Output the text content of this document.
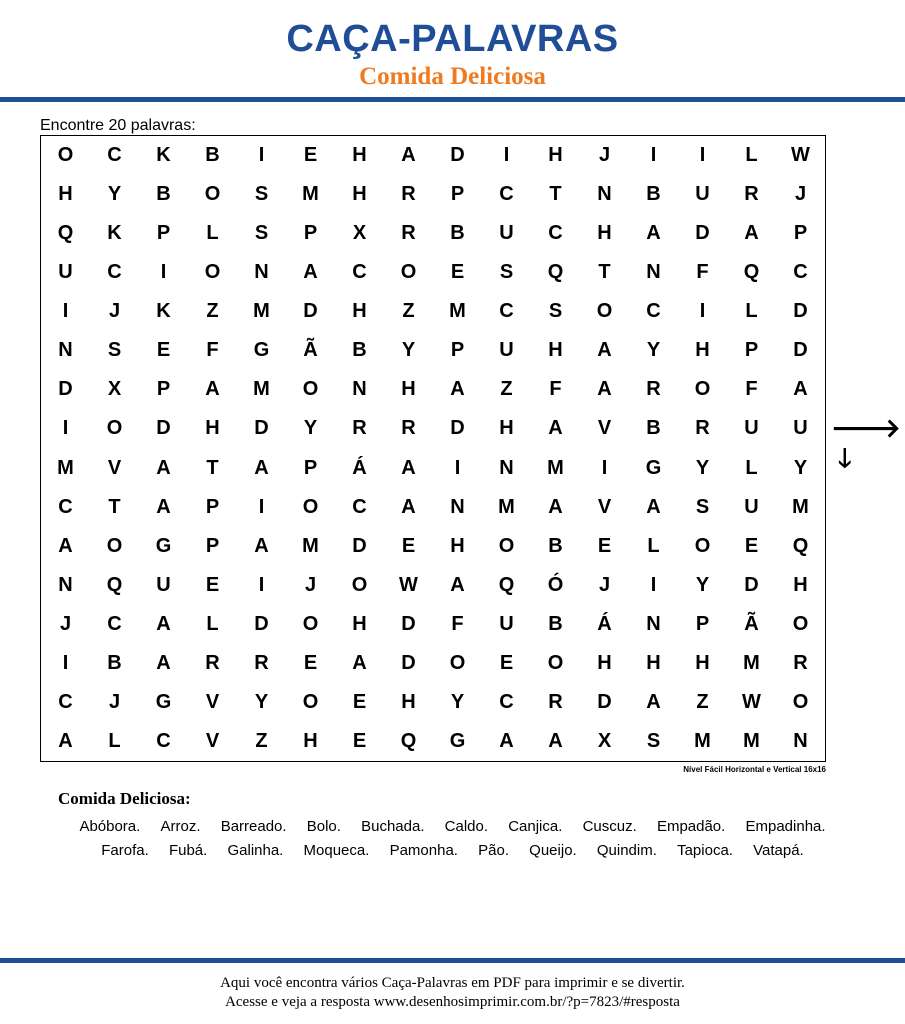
CAÇA-PALAVRAS
Comida Deliciosa
Encontre 20 palavras:
O	C	K	B	I	E	H	A	D	I	H	J	I	I	L	W
H	Y	B	O	S	M	H	R	P	C	T	N	B	U	R	J
Q	K	P	L	S	P	X	R	B	U	C	H	A	D	A	P
U	C	I	O	N	A	C	O	E	S	Q	T	N	F	Q	C
I	J	K	Z	M	D	H	Z	M	C	S	O	C	I	L	D
N	S	E	F	G	Ã	B	Y	P	U	H	A	Y	H	P	D
D	X	P	A	M	O	N	H	A	Z	F	A	R	O	F	A
I	O	D	H	D	Y	R	R	D	H	A	V	B	R	U	U
M	V	A	T	A	P	Á	A	I	N	M	I	G	Y	L	Y
C	T	A	P	I	O	C	A	N	M	A	V	A	S	U	M
A	O	G	P	A	M	D	E	H	O	B	E	L	O	E	Q
N	Q	U	E	I	J	O	W	A	Q	Ó	J	I	Y	D	H
J	C	A	L	D	O	H	D	F	U	B	Á	N	P	Ã	O
I	B	A	R	R	E	A	D	O	E	O	H	H	H	M	R
C	J	G	V	Y	O	E	H	Y	C	R	D	A	Z	W	O
A	L	C	V	Z	H	E	Q	G	A	A	X	S	M	M	N
🡒
🡓
Nível Fácil Horizontal e Vertical 16x16
Comida Deliciosa:
Abóbora. Arroz. Barreado. Bolo. Buchada. Caldo. Canjica. Cuscuz. Empadão. Empadinha. Farofa. Fubá. Galinha. Moqueca. Pamonha. Pão. Queijo. Quindim. Tapioca. Vatapá.
Aqui você encontra vários Caça-Palavras em PDF para imprimir e se divertir.
Acesse e veja a resposta www.desenhosimprimir.com.br/?p=7823/#resposta
